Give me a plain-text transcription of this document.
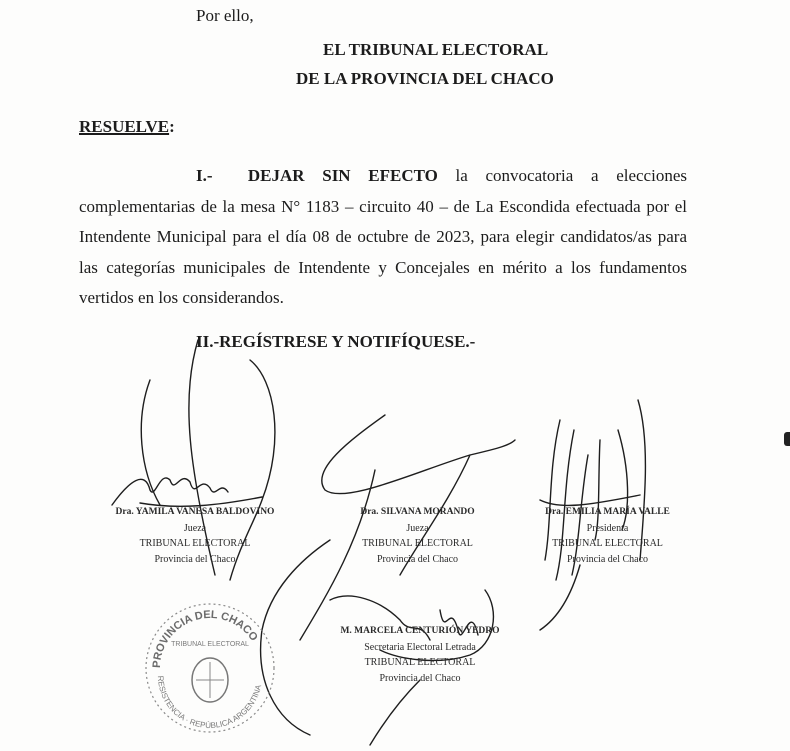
Por ello,
EL TRIBUNAL ELECTORAL
DE LA PROVINCIA DEL CHACO
RESUELVE:
I.- DEJAR SIN EFECTO la convocatoria a elecciones complementarias de la mesa N° 1183 – circuito 40 – de La Escondida efectuada por el Intendente Municipal para el día 08 de octubre de 2023, para elegir candidatos/as para las categorías municipales de Intendente y Concejales en mérito a los fundamentos vertidos en los considerandos.
II.-REGÍSTRESE Y NOTIFÍQUESE.-
PROVINCIA DEL CHACO
RESISTENCIA · REPÚBLICA ARGENTINA
TRIBUNAL ELECTORAL
Dra. YAMILA VANESA BALDOVINO
Jueza
TRIBUNAL ELECTORAL
Provincia del Chaco
Dra. SILVANA MORANDO
Jueza
TRIBUNAL ELECTORAL
Provincia del Chaco
Dra. EMILIA MARÍA VALLE
Presidenta
TRIBUNAL ELECTORAL
Provincia del Chaco
M. MARCELA CENTURIÓN YEDRO
Secretaria Electoral Letrada
TRIBUNAL ELECTORAL
Provincia del Chaco
